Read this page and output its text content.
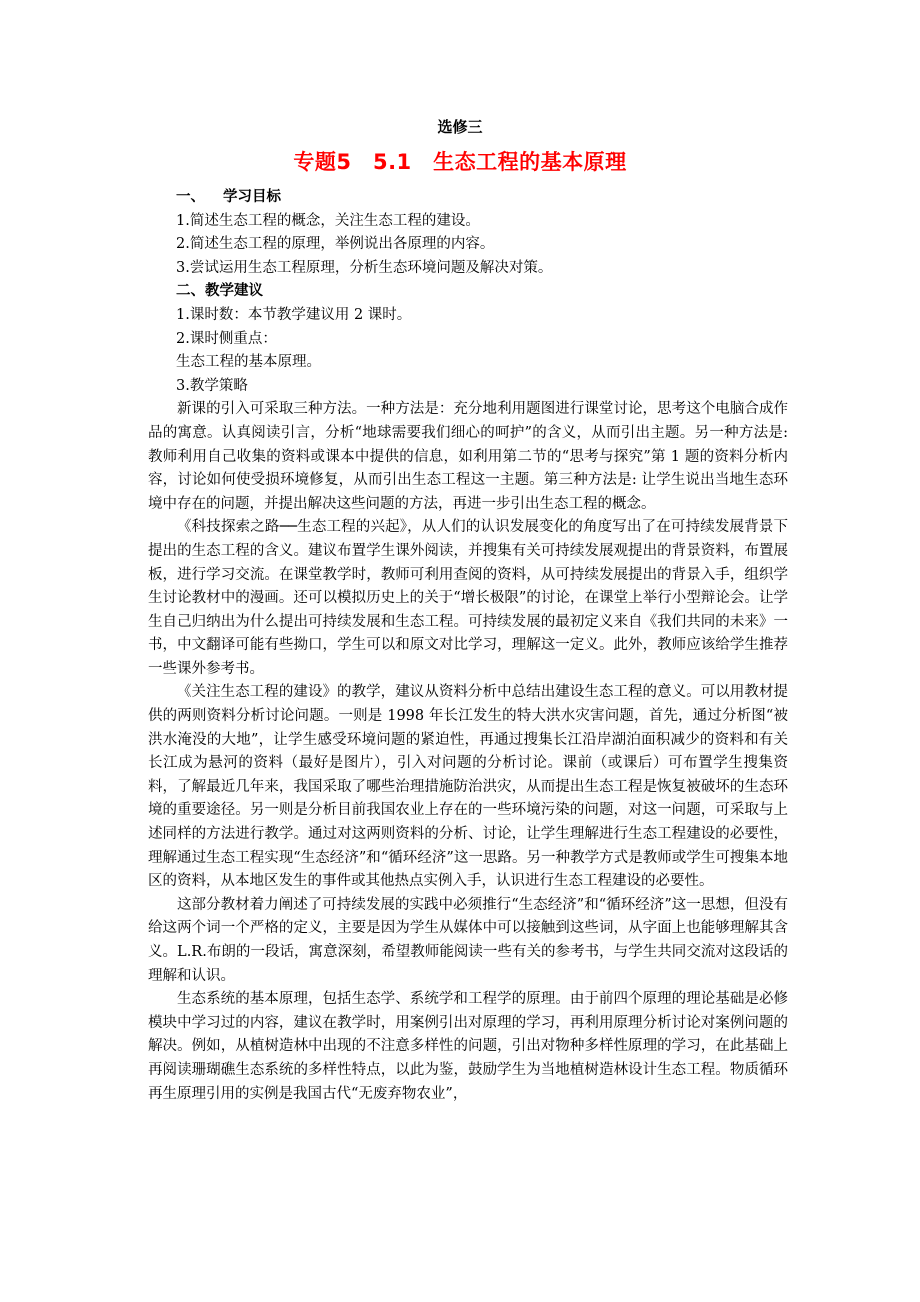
选修三
专题5　5.1　生态工程的基本原理
一、 学习目标
1.简述生态工程的概念，关注生态工程的建设。
2.简述生态工程的原理，举例说出各原理的内容。
3.尝试运用生态工程原理，分析生态环境问题及解决对策。
二、教学建议
1.课时数：本节教学建议用 2 课时。
2.课时侧重点：
生态工程的基本原理。
3.教学策略
新课的引入可采取三种方法。一种方法是：充分地利用题图进行课堂讨论，思考这个电脑合成作品的寓意。认真阅读引言，分析“地球需要我们细心的呵护”的含义，从而引出主题。另一种方法是: 教师利用自己收集的资料或课本中提供的信息，如利用第二节的“思考与探究”第 1 题的资料分析内容，讨论如何使受损环境修复，从而引出生态工程这一主题。第三种方法是: 让学生说出当地生态环境中存在的问题，并提出解决这些问题的方法，再进一步引出生态工程的概念。
《科技探索之路──生态工程的兴起》，从人们的认识发展变化的角度写出了在可持续发展背景下提出的生态工程的含义。建议布置学生课外阅读，并搜集有关可持续发展观提出的背景资料，布置展板，进行学习交流。在课堂教学时，教师可利用查阅的资料，从可持续发展提出的背景入手，组织学生讨论教材中的漫画。还可以模拟历史上的关于“增长极限”的讨论，在课堂上举行小型辩论会。让学生自己归纳出为什么提出可持续发展和生态工程。可持续发展的最初定义来自《我们共同的未来》一书，中文翻译可能有些拗口，学生可以和原文对比学习，理解这一定义。此外，教师应该给学生推荐一些课外参考书。
《关注生态工程的建设》的教学，建议从资料分析中总结出建设生态工程的意义。可以用教材提供的两则资料分析讨论问题。一则是 1998 年长江发生的特大洪水灾害问题，首先，通过分析图“被洪水淹没的大地”，让学生感受环境问题的紧迫性，再通过搜集长江沿岸湖泊面积减少的资料和有关长江成为悬河的资料（最好是图片），引入对问题的分析讨论。课前（或课后）可布置学生搜集资料，了解最近几年来，我国采取了哪些治理措施防治洪灾，从而提出生态工程是恢复被破坏的生态环境的重要途径。另一则是分析目前我国农业上存在的一些环境污染的问题，对这一问题，可采取与上述同样的方法进行教学。通过对这两则资料的分析、讨论，让学生理解进行生态工程建设的必要性，理解通过生态工程实现“生态经济”和“循环经济”这一思路。另一种教学方式是教师或学生可搜集本地区的资料，从本地区发生的事件或其他热点实例入手，认识进行生态工程建设的必要性。
这部分教材着力阐述了可持续发展的实践中必须推行“生态经济”和“循环经济”这一思想，但没有给这两个词一个严格的定义，主要是因为学生从媒体中可以接触到这些词，从字面上也能够理解其含义。L.R.布朗的一段话，寓意深刻，希望教师能阅读一些有关的参考书，与学生共同交流对这段话的理解和认识。
生态系统的基本原理，包括生态学、系统学和工程学的原理。由于前四个原理的理论基础是必修模块中学习过的内容，建议在教学时，用案例引出对原理的学习，再利用原理分析讨论对案例问题的解决。例如，从植树造林中出现的不注意多样性的问题，引出对物种多样性原理的学习，在此基础上再阅读珊瑚礁生态系统的多样性特点，以此为鉴，鼓励学生为当地植树造林设计生态工程。物质循环再生原理引用的实例是我国古代“无废弃物农业”，
